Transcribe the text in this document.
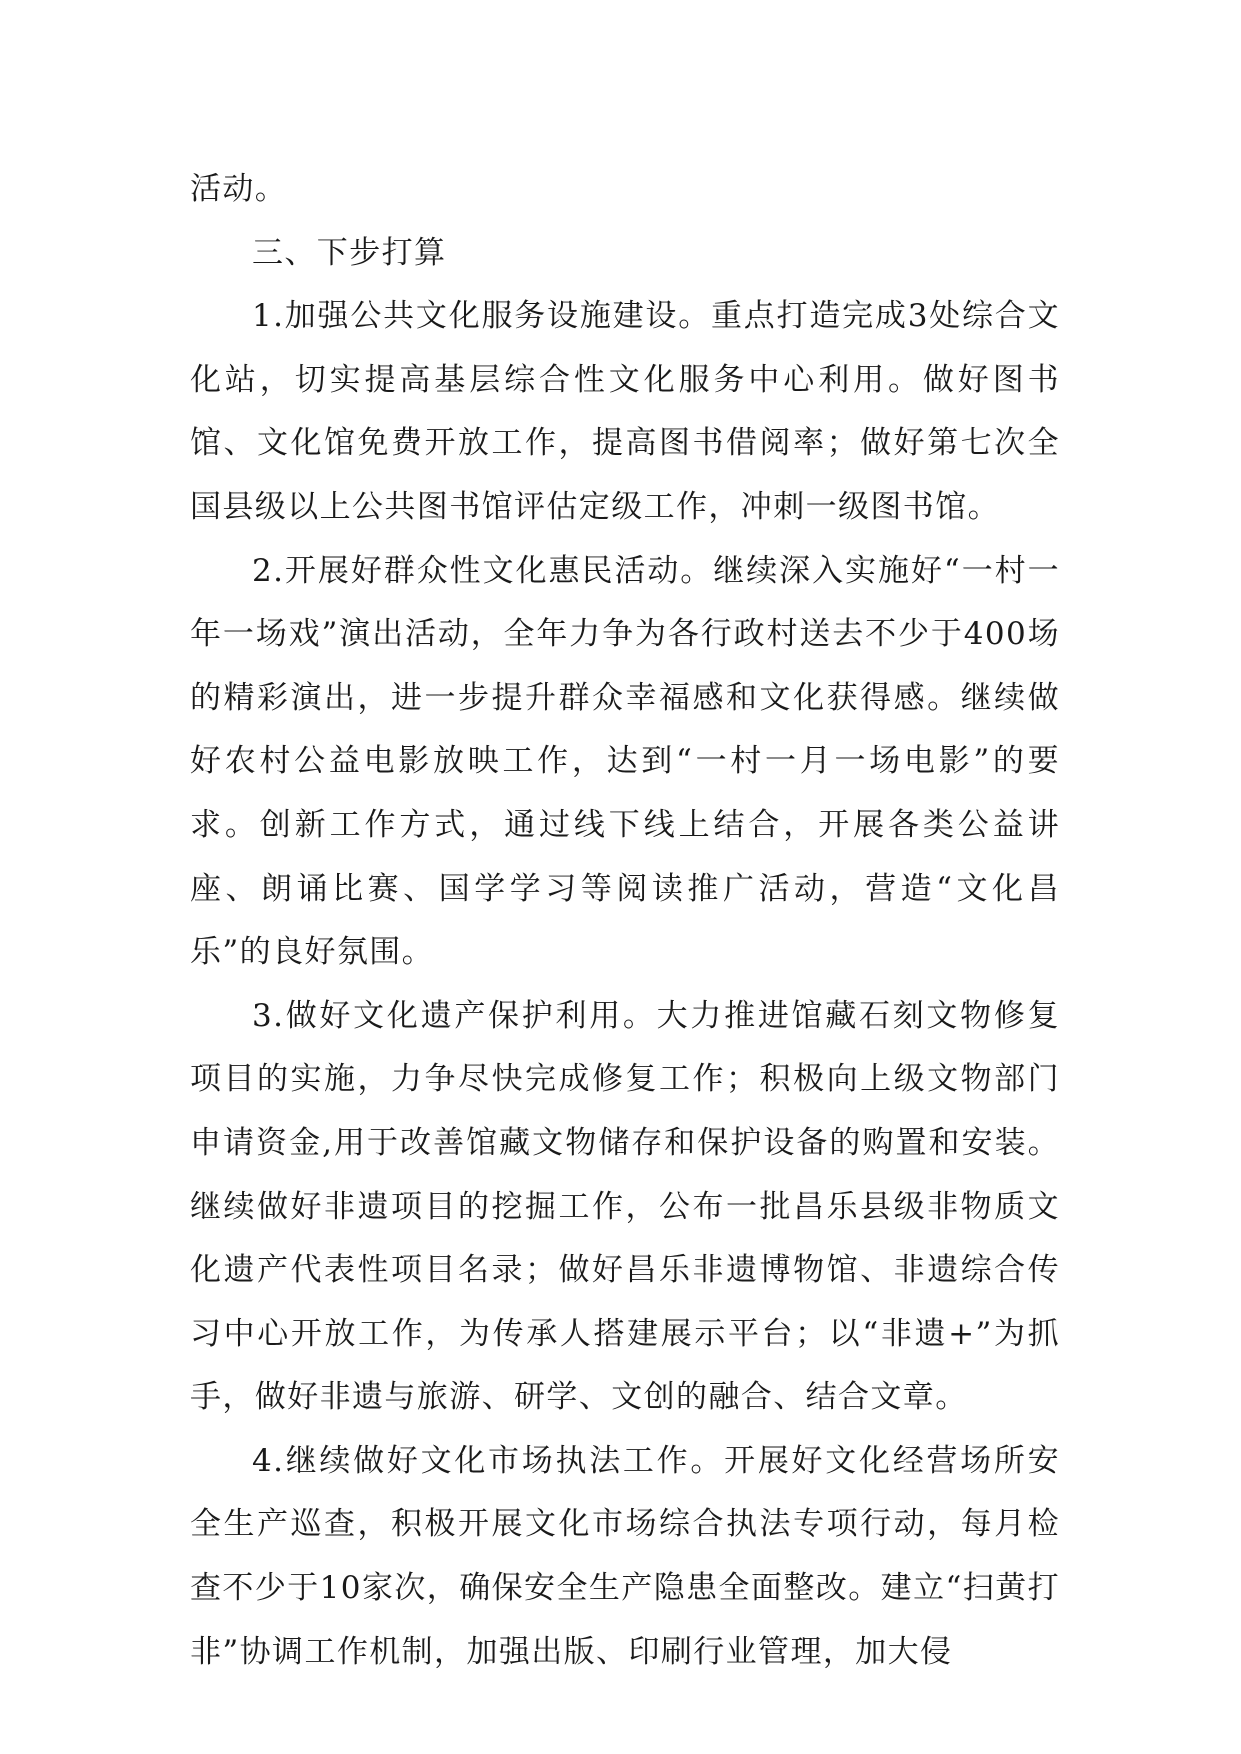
活动。

三、下步打算

1.加强公共文化服务设施建设。重点打造完成3处综合文化站，切实提高基层综合性文化服务中心利用。做好图书馆、文化馆免费开放工作，提高图书借阅率；做好第七次全国县级以上公共图书馆评估定级工作，冲刺一级图书馆。

2.开展好群众性文化惠民活动。继续深入实施好“一村一年一场戏”演出活动，全年力争为各行政村送去不少于400场的精彩演出，进一步提升群众幸福感和文化获得感。继续做好农村公益电影放映工作，达到“一村一月一场电影”的要求。创新工作方式，通过线下线上结合，开展各类公益讲座、朗诵比赛、国学学习等阅读推广活动，营造“文化昌乐”的良好氛围。

3.做好文化遗产保护利用。大力推进馆藏石刻文物修复项目的实施，力争尽快完成修复工作；积极向上级文物部门申请资金,用于改善馆藏文物储存和保护设备的购置和安装。继续做好非遗项目的挖掘工作，公布一批昌乐县级非物质文化遗产代表性项目名录；做好昌乐非遗博物馆、非遗综合传习中心开放工作，为传承人搭建展示平台；以“非遗+”为抓手，做好非遗与旅游、研学、文创的融合、结合文章。

4.继续做好文化市场执法工作。开展好文化经营场所安全生产巡查，积极开展文化市场综合执法专项行动，每月检查不少于10家次，确保安全生产隐患全面整改。建立“扫黄打非”协调工作机制，加强出版、印刷行业管理，加大侵
